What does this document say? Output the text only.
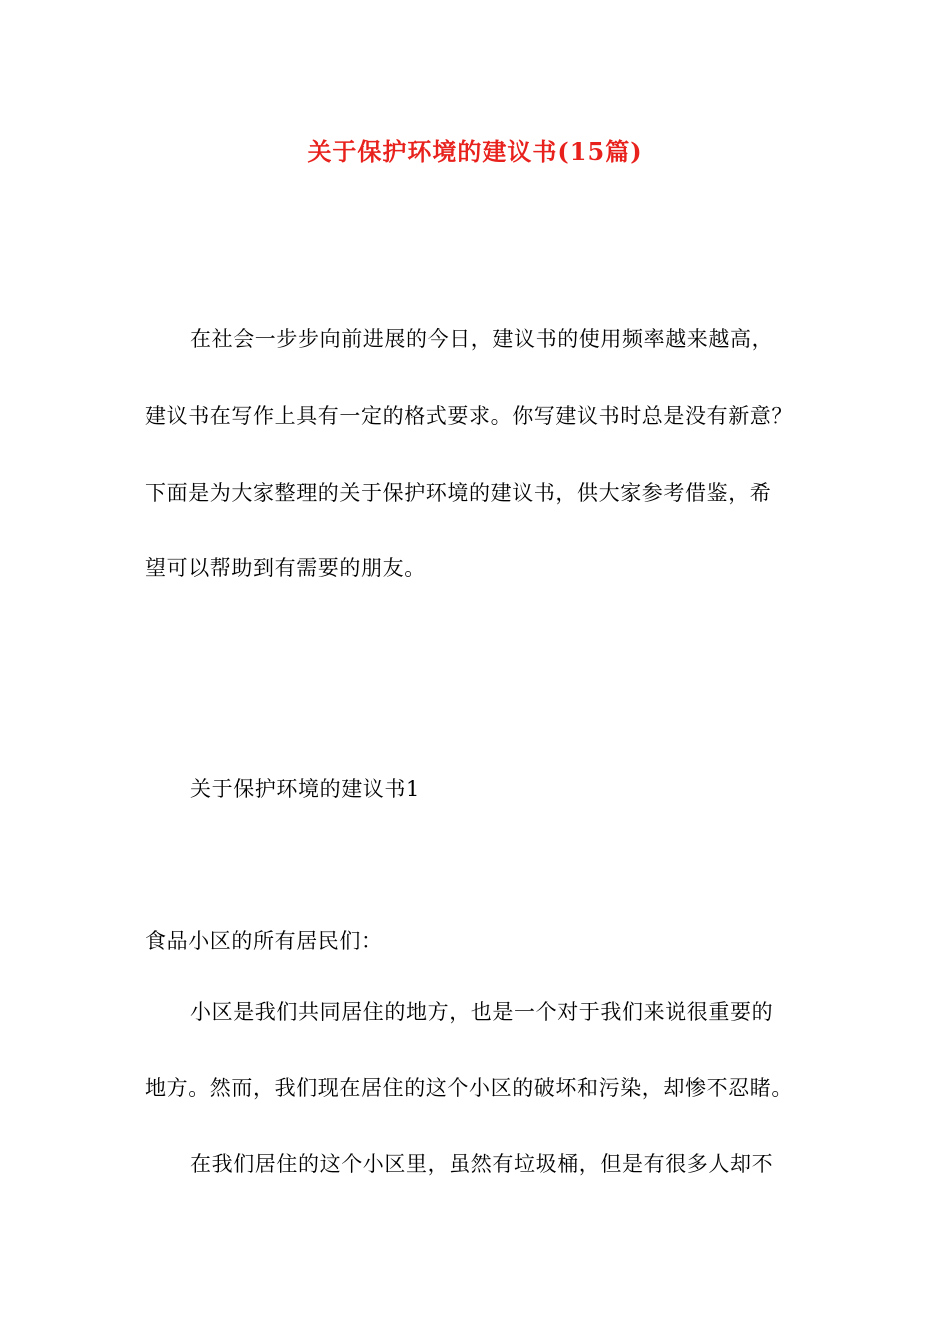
关于保护环境的建议书(15篇)
在社会一步步向前进展的今日，建议书的使用频率越来越高，
建议书在写作上具有一定的格式要求。你写建议书时总是没有新意？
下面是为大家整理的关于保护环境的建议书，供大家参考借鉴，希
望可以帮助到有需要的朋友。
关于保护环境的建议书1
食品小区的所有居民们：
小区是我们共同居住的地方，也是一个对于我们来说很重要的
地方。然而，我们现在居住的这个小区的破坏和污染，却惨不忍睹。
在我们居住的这个小区里，虽然有垃圾桶，但是有很多人却不
